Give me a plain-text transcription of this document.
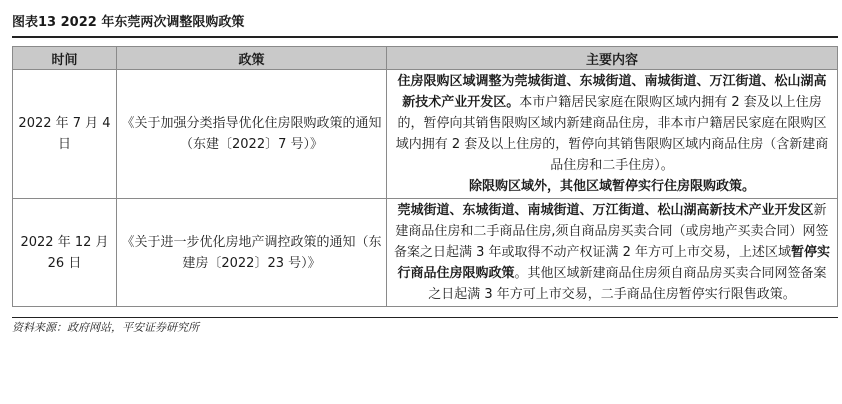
图表13 2022 年东莞两次调整限购政策
时间	政策	主要内容
2022 年 7 月 4 日	《关于加强分类指导优化住房限购政策的通知（东建〔2022〕7 号）》	住房限购区域调整为莞城街道、东城街道、南城街道、万江街道、松山湖高新技术产业开发区。本市户籍居民家庭在限购区域内拥有 2 套及以上住房的，暂停向其销售限购区域内新建商品住房，非本市户籍居民家庭在限购区域内拥有 2 套及以上住房的，暂停向其销售限购区域内商品住房（含新建商品住房和二手住房）。
除限购区域外，其他区域暂停实行住房限购政策。
2022 年 12 月 26 日	《关于进一步优化房地产调控政策的通知（东建房〔2022〕23 号）》	莞城街道、东城街道、南城街道、万江街道、松山湖高新技术产业开发区新建商品住房和二手商品住房,须自商品房买卖合同（或房地产买卖合同）网签备案之日起满 3 年或取得不动产权证满 2 年方可上市交易，上述区域暂停实行商品住房限购政策。其他区域新建商品住房须自商品房买卖合同网签备案之日起满 3 年方可上市交易，二手商品住房暂停实行限售政策。
资料来源：政府网站，平安证券研究所
